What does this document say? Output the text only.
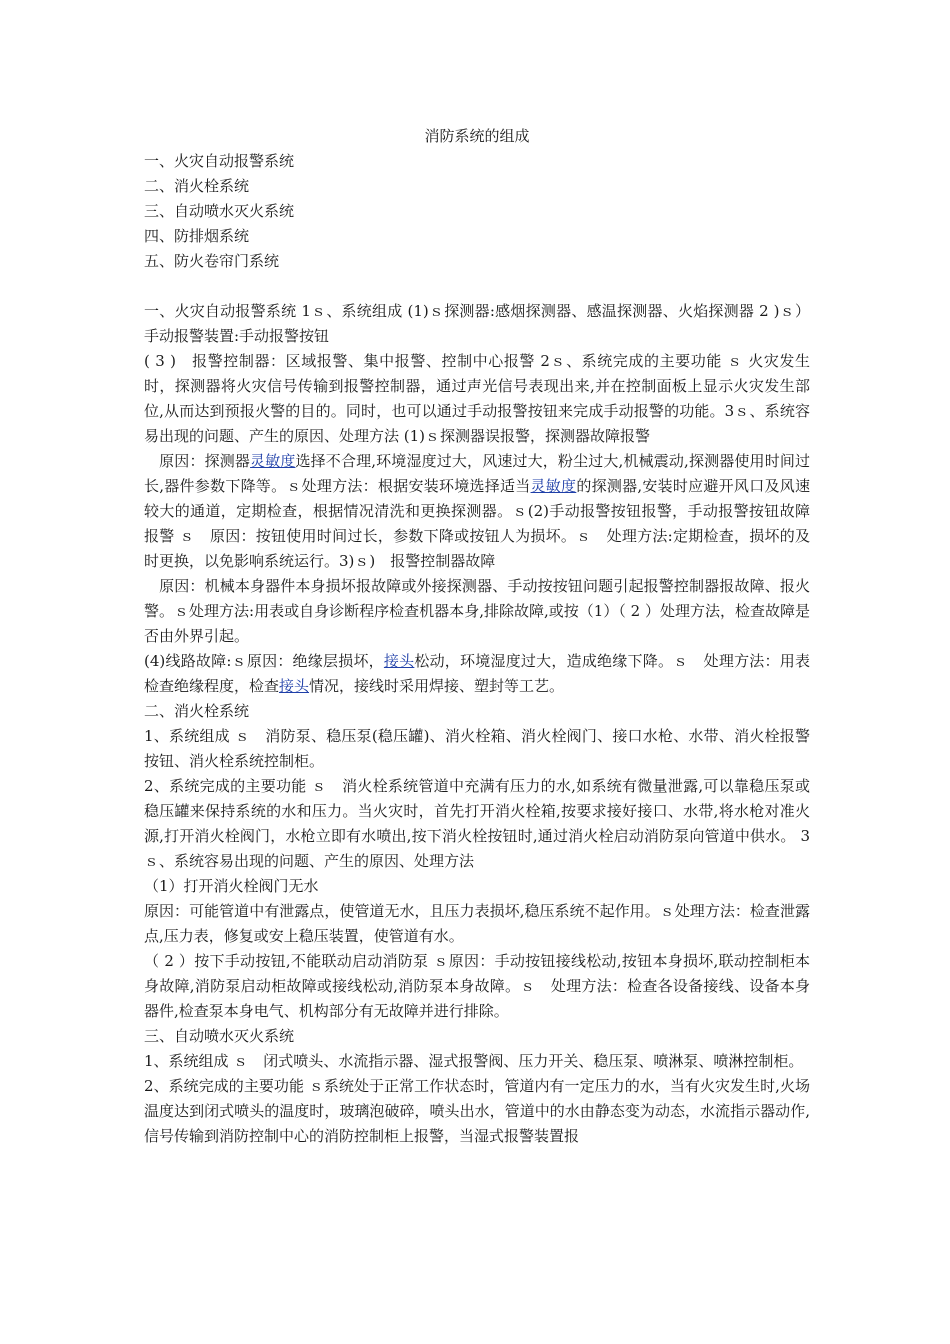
消防系统的组成
一、火灾自动报警系统
二、消火栓系统
三、自动喷水灭火系统
四、防排烟系统
五、防火卷帘门系统

一、火灾自动报警系统 1ｓ、系统组成 (1)ｓ探测器:感烟探测器、感温探测器、火焰探测器 2 )ｓ）手动报警装置:手动报警按钮

( 3 )　报警控制器：区域报警、集中报警、控制中心报警 2ｓ、系统完成的主要功能 ｓ 火灾发生时，探测器将火灾信号传输到报警控制器，通过声光信号表现出来,并在控制面板上显示火灾发生部位,从而达到预报火警的目的。同时，也可以通过手动报警按钮来完成手动报警的功能。3ｓ、系统容易出现的问题、产生的原因、处理方法 (1)ｓ探测器误报警，探测器故障报警

　原因：探测器灵敏度选择不合理,环境湿度过大，风速过大，粉尘过大,机械震动,探测器使用时间过长,器件参数下降等。ｓ处理方法：根据安装环境选择适当灵敏度的探测器,安装时应避开风口及风速较大的通道，定期检查，根据情况清洗和更换探测器。ｓ(2)手动报警按钮报警，手动报警按钮故障报警 ｓ　原因：按钮使用时间过长，参数下降或按钮人为损坏。ｓ　处理方法:定期检查，损坏的及时更换，以免影响系统运行。3)ｓ)　报警控制器故障

　原因：机械本身器件本身损坏报故障或外接探测器、手动按按钮问题引起报警控制器报故障、报火警。ｓ处理方法:用表或自身诊断程序检查机器本身,排除故障,或按（1）（ 2 ）处理方法，检查故障是否由外界引起。

(4)线路故障:ｓ原因：绝缘层损坏，接头松动，环境湿度过大，造成绝缘下降。ｓ　处理方法：用表检查绝缘程度，检查接头情况，接线时采用焊接、塑封等工艺。

二、消火栓系统

1、系统组成 ｓ　消防泵、稳压泵(稳压罐)、消火栓箱、消火栓阀门、接口水枪、水带、消火栓报警按钮、消火栓系统控制柜。

2、系统完成的主要功能 ｓ　消火栓系统管道中充满有压力的水,如系统有微量泄露,可以靠稳压泵或稳压罐来保持系统的水和压力。当火灾时，首先打开消火栓箱,按要求接好接口、水带,将水枪对准火源,打开消火栓阀门，水枪立即有水喷出,按下消火栓按钮时,通过消火栓启动消防泵向管道中供水。 3 ｓ、系统容易出现的问题、产生的原因、处理方法

（1）打开消火栓阀门无水

原因：可能管道中有泄露点，使管道无水，且压力表损坏,稳压系统不起作用。ｓ处理方法：检查泄露点,压力表，修复或安上稳压装置，使管道有水。

（ 2 ）按下手动按钮,不能联动启动消防泵 ｓ原因：手动按钮接线松动,按钮本身损坏,联动控制柜本身故障,消防泵启动柜故障或接线松动,消防泵本身故障。ｓ　处理方法：检查各设备接线、设备本身器件,检查泵本身电气、机构部分有无故障并进行排除。

三、自动喷水灭火系统

1、系统组成 ｓ　闭式喷头、水流指示器、湿式报警阀、压力开关、稳压泵、喷淋泵、喷淋控制柜。

2、系统完成的主要功能 ｓ系统处于正常工作状态时，管道内有一定压力的水，当有火灾发生时,火场温度达到闭式喷头的温度时，玻璃泡破碎，喷头出水，管道中的水由静态变为动态，水流指示器动作,信号传输到消防控制中心的消防控制柜上报警，当湿式报警装置报
